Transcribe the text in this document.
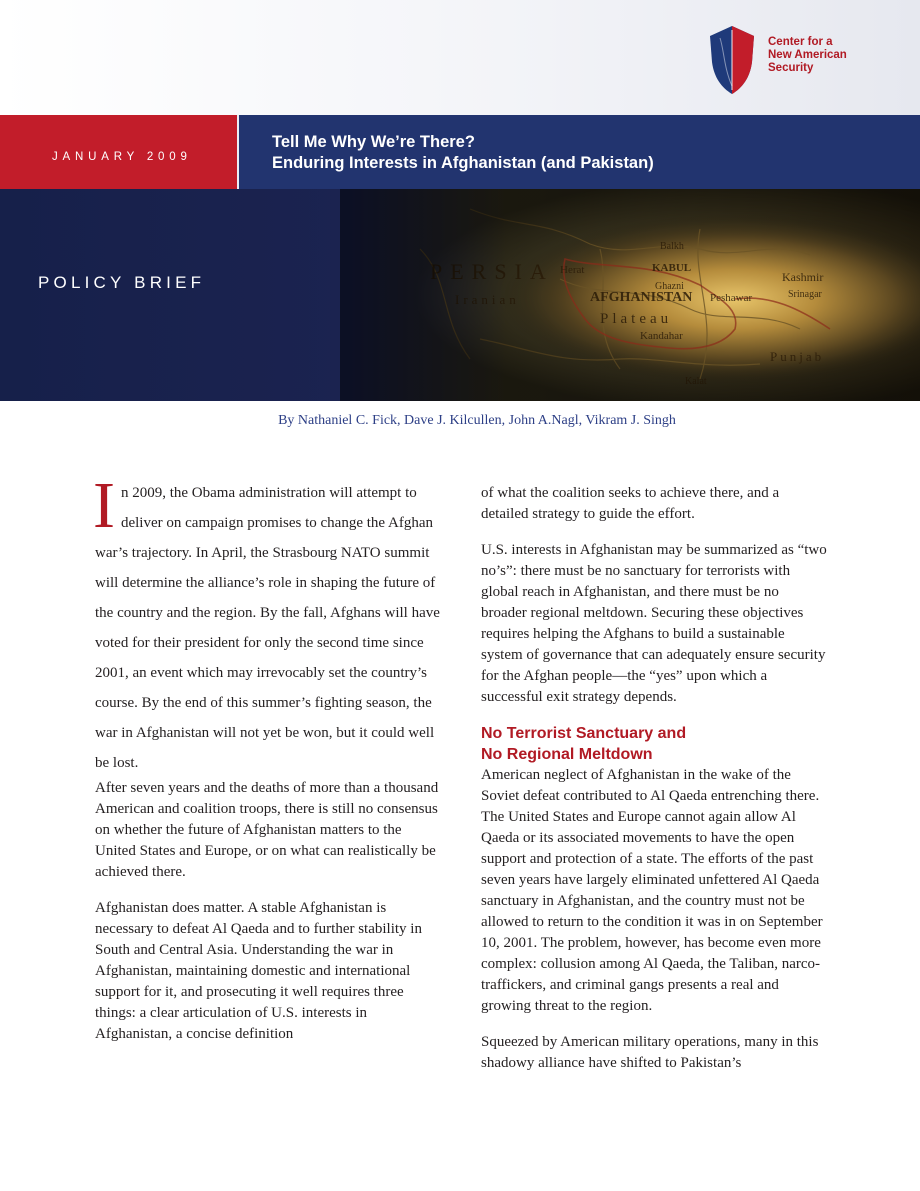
Center for a
New American
Security
JANUARY 2009
Tell Me Why We’re There?
Enduring Interests in Afghanistan (and Pakistan)
POLICY BRIEF
By Nathaniel C. Fick, Dave J. Kilcullen, John A.Nagl, Vikram J. Singh

In 2009, the Obama administration will attempt to deliver on campaign promises to change the Afghan war’s trajectory. In April, the Strasbourg NATO summit will determine the alliance’s role in shaping the future of the country and the region. By the fall, Afghans will have voted for their president for only the second time since 2001, an event which may irrevocably set the country’s course. By the end of this summer’s fighting season, the war in Afghanistan will not yet be won, but it could well be lost.

After seven years and the deaths of more than a thousand American and coalition troops, there is still no consensus on whether the future of Afghanistan matters to the United States and Europe, or on what can realistically be achieved there.

Afghanistan does matter. A stable Afghanistan is necessary to defeat Al Qaeda and to further stability in South and Central Asia. Understanding the war in Afghanistan, maintaining domestic and international support for it, and prosecuting it well requires three things: a clear articulation of U.S. interests in Afghanistan, a concise definition

of what the coalition seeks to achieve there, and a detailed strategy to guide the effort.

U.S. interests in Afghanistan may be summarized as “two no’s”: there must be no sanctuary for terrorists with global reach in Afghanistan, and there must be no broader regional meltdown. Securing these objectives requires helping the Afghans to build a sustainable system of governance that can adequately ensure security for the Afghan people—the “yes” upon which a successful exit strategy depends.

No Terrorist Sanctuary and
No Regional Meltdown

American neglect of Afghanistan in the wake of the Soviet defeat contributed to Al Qaeda entrenching there. The United States and Europe cannot again allow Al Qaeda or its associated movements to have the open support and protection of a state. The efforts of the past seven years have largely eliminated unfettered Al Qaeda sanctuary in Afghanistan, and the country must not be allowed to return to the condition it was in on September 10, 2001. The problem, however, has become even more complex: collusion among Al Qaeda, the Taliban, narco-traffickers, and criminal gangs presents a real and growing threat to the region.

Squeezed by American military operations, many in this shadowy alliance have shifted to Pakistan’s
